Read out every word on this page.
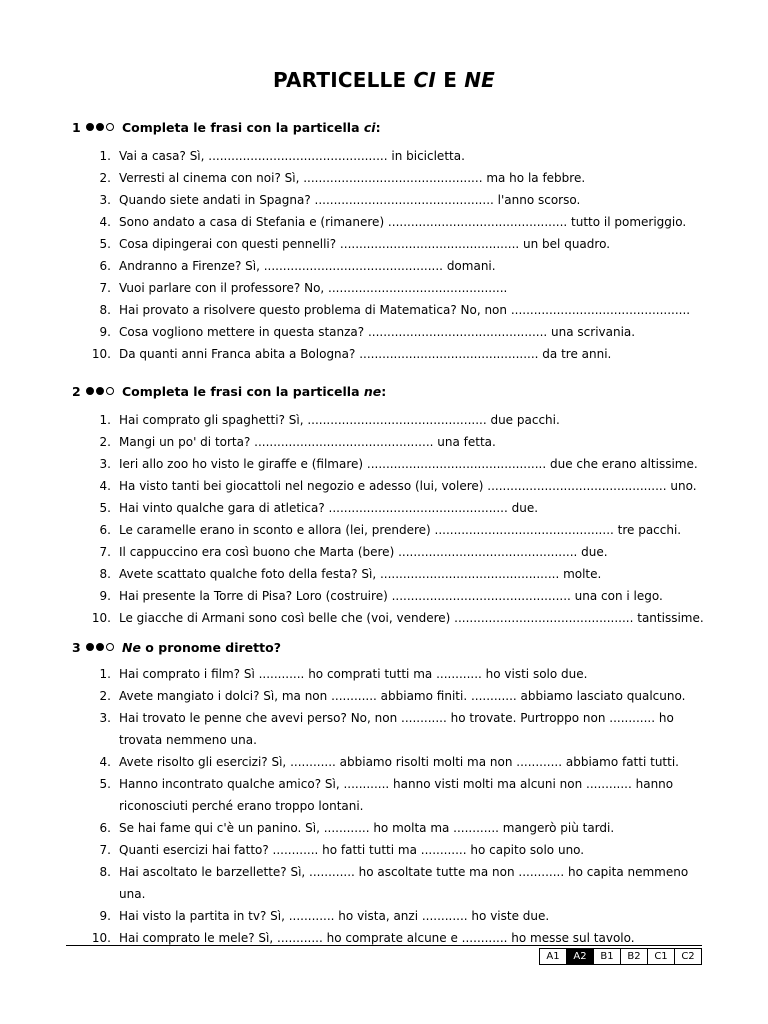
PARTICELLE CI E NE
1	Completa le frasi con la particella ci:
1. Vai a casa? Sì, ............................................... in bicicletta.
2. Verresti al cinema con noi? Sì, ............................................... ma ho la febbre.
3. Quando siete andati in Spagna? ............................................... l'anno scorso.
4. Sono andato a casa di Stefania e (rimanere) ............................................... tutto il pomeriggio.
5. Cosa dipingerai con questi pennelli? ............................................... un bel quadro.
6. Andranno a Firenze? Sì, ............................................... domani.
7. Vuoi parlare con il professore? No, ...............................................
8. Hai provato a risolvere questo problema di Matematica? No, non ...............................................
9. Cosa vogliono mettere in questa stanza? ............................................... una scrivania.
10. Da quanti anni Franca abita a Bologna? ............................................... da tre anni.
2	Completa le frasi con la particella ne:
1. Hai comprato gli spaghetti? Sì, ............................................... due pacchi.
2. Mangi un po' di torta? ............................................... una fetta.
3. Ieri allo zoo ho visto le giraffe e (filmare) ............................................... due che erano altissime.
4. Ha visto tanti bei giocattoli nel negozio e adesso (lui, volere) ............................................... uno.
5. Hai vinto qualche gara di atletica? ............................................... due.
6. Le caramelle erano in sconto e allora (lei, prendere) ............................................... tre pacchi.
7. Il cappuccino era così buono che Marta (bere) ............................................... due.
8. Avete scattato qualche foto della festa? Sì, ............................................... molte.
9. Hai presente la Torre di Pisa? Loro (costruire) ............................................... una con i lego.
10. Le giacche di Armani sono così belle che (voi, vendere) ............................................... tantissime.
3	Ne o pronome diretto?
1. Hai comprato i film? Sì ............ ho comprati tutti ma ............ ho visti solo due.
2. Avete mangiato i dolci? Sì, ma non ............ abbiamo finiti. ............ abbiamo lasciato qualcuno.
3. Hai trovato le penne che avevi perso? No, non ............ ho trovate. Purtroppo non ............ ho trovata nemmeno una.
4. Avete risolto gli esercizi? Sì, ............ abbiamo risolti molti ma non ............ abbiamo fatti tutti.
5. Hanno incontrato qualche amico? Sì, ............ hanno visti molti ma alcuni non ............ hanno riconosciuti perché erano troppo lontani.
6. Se hai fame qui c'è un panino. Sì, ............ ho molta ma ............ mangerò più tardi.
7. Quanti esercizi hai fatto? ............ ho fatti tutti ma ............ ho capito solo uno.
8. Hai ascoltato le barzellette? Sì, ............ ho ascoltate tutte ma non ............ ho capita nemmeno una.
9. Hai visto la partita in tv? Sì, ............ ho vista, anzi ............ ho viste due.
10. Hai comprato le mele? Sì, ............ ho comprate alcune e ............ ho messe sul tavolo.
A1	A2	B1	B2	C1	C2
